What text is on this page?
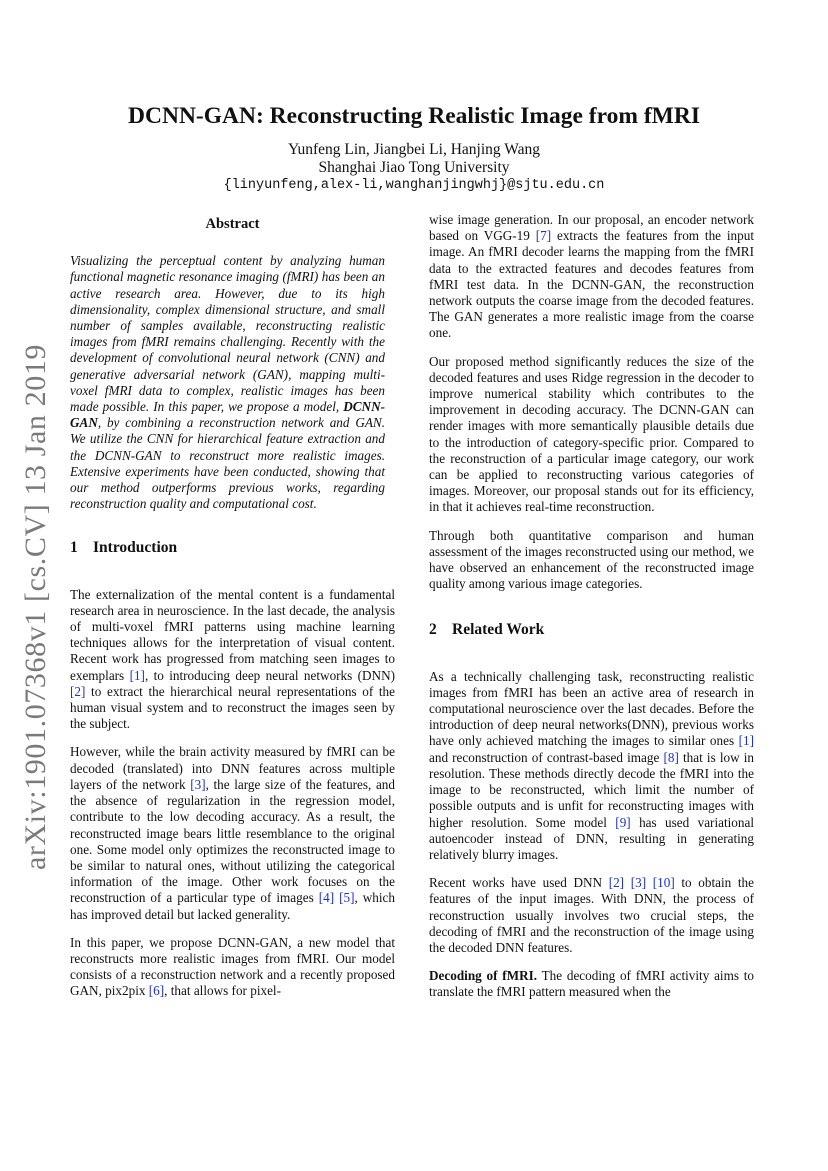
arXiv:1901.07368v1 [cs.CV] 13 Jan 2019
DCNN-GAN: Reconstructing Realistic Image from fMRI
Yunfeng Lin, Jiangbei Li, Hanjing Wang
Shanghai Jiao Tong University
{linyunfeng,alex-li,wanghanjingwhj}@sjtu.edu.cn
Abstract

Visualizing the perceptual content by analyzing human functional magnetic resonance imaging (fMRI) has been an active research area. However, due to its high dimensionality, complex dimensional structure, and small number of samples available, reconstructing realistic images from fMRI remains challenging. Recently with the development of convolutional neural network (CNN) and generative adversarial network (GAN), mapping multi-voxel fMRI data to complex, realistic images has been made possible. In this paper, we propose a model, DCNN-GAN, by combining a reconstruction network and GAN. We utilize the CNN for hierarchical feature extraction and the DCNN-GAN to reconstruct more realistic images. Extensive experiments have been conducted, showing that our method outperforms previous works, regarding reconstruction quality and computational cost.

1 Introduction

The externalization of the mental content is a fundamental research area in neuroscience. In the last decade, the analysis of multi-voxel fMRI patterns using machine learning techniques allows for the interpretation of visual content. Recent work has progressed from matching seen images to exemplars [1], to introducing deep neural networks (DNN) [2] to extract the hierarchical neural representations of the human visual system and to reconstruct the images seen by the subject.

However, while the brain activity measured by fMRI can be decoded (translated) into DNN features across multiple layers of the network [3], the large size of the features, and the absence of regularization in the regression model, contribute to the low decoding accuracy. As a result, the reconstructed image bears little resemblance to the original one. Some model only optimizes the reconstructed image to be similar to natural ones, without utilizing the categorical information of the image. Other work focuses on the reconstruction of a particular type of images [4] [5], which has improved detail but lacked generality.

In this paper, we propose DCNN-GAN, a new model that reconstructs more realistic images from fMRI. Our model consists of a reconstruction network and a recently proposed GAN, pix2pix [6], that allows for pixel-

wise image generation. In our proposal, an encoder network based on VGG-19 [7] extracts the features from the input image. An fMRI decoder learns the mapping from the fMRI data to the extracted features and decodes features from fMRI test data. In the DCNN-GAN, the reconstruction network outputs the coarse image from the decoded features. The GAN generates a more realistic image from the coarse one.

Our proposed method significantly reduces the size of the decoded features and uses Ridge regression in the decoder to improve numerical stability which contributes to the improvement in decoding accuracy. The DCNN-GAN can render images with more semantically plausible details due to the introduction of category-specific prior. Compared to the reconstruction of a particular image category, our work can be applied to reconstructing various categories of images. Moreover, our proposal stands out for its efficiency, in that it achieves real-time reconstruction.

Through both quantitative comparison and human assessment of the images reconstructed using our method, we have observed an enhancement of the reconstructed image quality among various image categories.

2 Related Work

As a technically challenging task, reconstructing realistic images from fMRI has been an active area of research in computational neuroscience over the last decades. Before the introduction of deep neural networks(DNN), previous works have only achieved matching the images to similar ones [1] and reconstruction of contrast-based image [8] that is low in resolution. These methods directly decode the fMRI into the image to be reconstructed, which limit the number of possible outputs and is unfit for reconstructing images with higher resolution. Some model [9] has used variational autoencoder instead of DNN, resulting in generating relatively blurry images.

Recent works have used DNN [2] [3] [10] to obtain the features of the input images. With DNN, the process of reconstruction usually involves two crucial steps, the decoding of fMRI and the reconstruction of the image using the decoded DNN features.

Decoding of fMRI. The decoding of fMRI activity aims to translate the fMRI pattern measured when the
